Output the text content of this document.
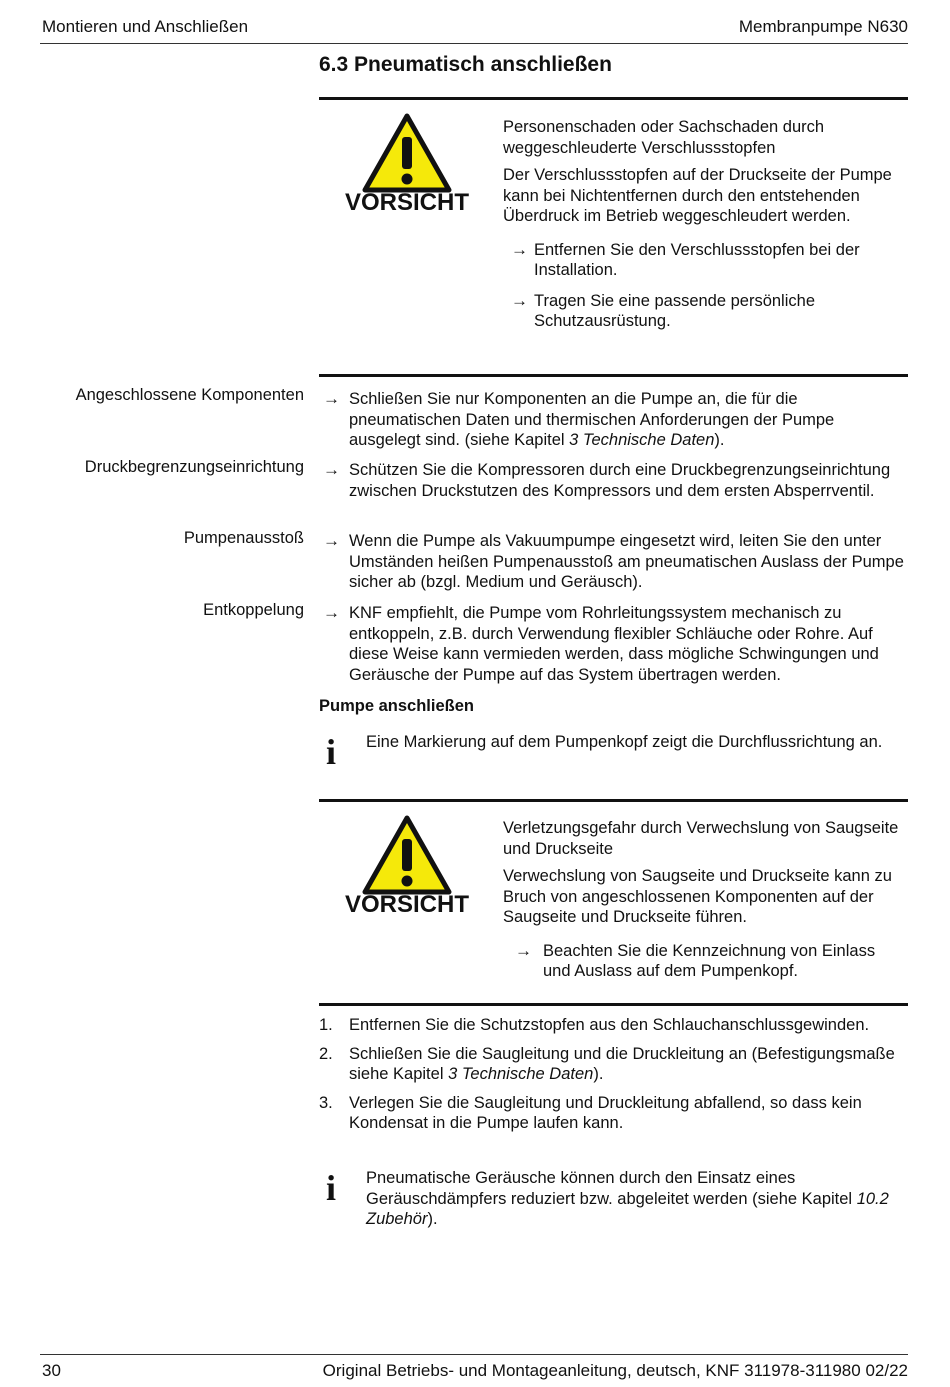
Montieren und Anschließen	Membranpumpe N630
6.3 Pneumatisch anschließen
VORSICHT

Personenschaden oder Sachschaden durch weggeschleuderte Verschlussstopfen

Der Verschlussstopfen auf der Druckseite der Pumpe kann bei Nichtentfernen durch den entstehenden Überdruck im Betrieb weggeschleudert werden.

→ Entfernen Sie den Verschlussstopfen bei der Installation.
→ Tragen Sie eine passende persönliche Schutzausrüstung.
Angeschlossene Komponenten → Schließen Sie nur Komponenten an die Pumpe an, die für die pneumatischen Daten und thermischen Anforderungen der Pumpe ausgelegt sind. (siehe Kapitel 3 Technische Daten).
Druckbegrenzungseinrichtung → Schützen Sie die Kompressoren durch eine Druckbegrenzungseinrichtung zwischen Druckstutzen des Kompressors und dem ersten Absperrventil.
Pumpenausstoß → Wenn die Pumpe als Vakuumpumpe eingesetzt wird, leiten Sie den unter Umständen heißen Pumpenausstoß am pneumatischen Auslass der Pumpe sicher ab (bzgl. Medium und Geräusch).
Entkoppelung → KNF empfiehlt, die Pumpe vom Rohrleitungssystem mechanisch zu entkoppeln, z.B. durch Verwendung flexibler Schläuche oder Rohre. Auf diese Weise kann vermieden werden, dass mögliche Schwingungen und Geräusche der Pumpe auf das System übertragen werden.
Pumpe anschließen
i Eine Markierung auf dem Pumpenkopf zeigt die Durchflussrichtung an.
VORSICHT

Verletzungsgefahr durch Verwechslung von Saugseite und Druckseite

Verwechslung von Saugseite und Druckseite kann zu Bruch von angeschlossenen Komponenten auf der Saugseite und Druckseite führen.

→ Beachten Sie die Kennzeichnung von Einlass und Auslass auf dem Pumpenkopf.
1. Entfernen Sie die Schutzstopfen aus den Schlauchanschlussgewinden.
2. Schließen Sie die Saugleitung und die Druckleitung an (Befestigungsmaße siehe Kapitel 3 Technische Daten).
3. Verlegen Sie die Saugleitung und Druckleitung abfallend, so dass kein Kondensat in die Pumpe laufen kann.
i Pneumatische Geräusche können durch den Einsatz eines Geräuschdämpfers reduziert bzw. abgeleitet werden (siehe Kapitel 10.2 Zubehör).
30	Original Betriebs- und Montageanleitung, deutsch, KNF 311978-311980 02/22
